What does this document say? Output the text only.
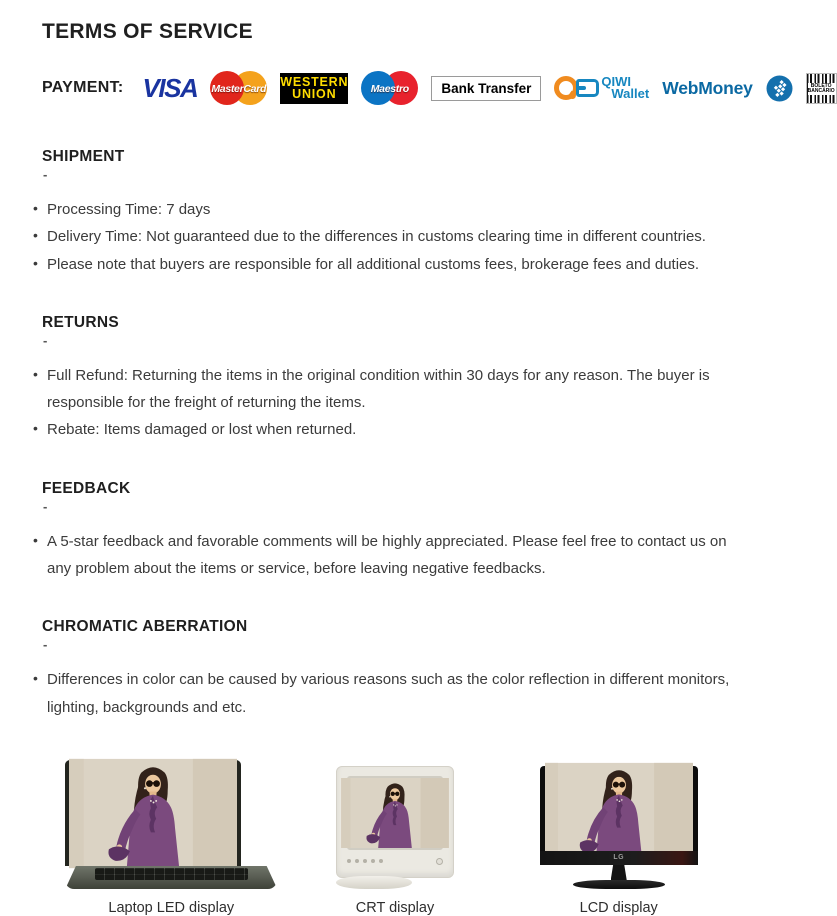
TERMS OF SERVICE
PAYMENT: VISA MasterCard WESTERN
UNION	Maestro	Bank Transfer	QIWI
Wallet WebMoney	BOLETO
BANCÁRIO
SHIPMENT
-
• Processing Time: 7 days
• Delivery Time: Not guaranteed due to the differences in customs clearing time in different countries.
• Please note that buyers are responsible for all additional customs fees, brokerage fees and duties.
RETURNS
-
• Full Refund: Returning the items in the original condition within 30 days for any reason. The buyer is responsible for the freight of returning the items.
• Rebate: Items damaged or lost when returned.
FEEDBACK
-
• A 5-star feedback and favorable comments will be highly appreciated. Please feel free to contact us on any problem about the items or service, before leaving negative feedbacks.
CHROMATIC ABERRATION
-
• Differences in color can be caused by various reasons such as the color reflection in different monitors, lighting, backgrounds and etc.
Laptop LED display	CRT display
LG
LCD display
